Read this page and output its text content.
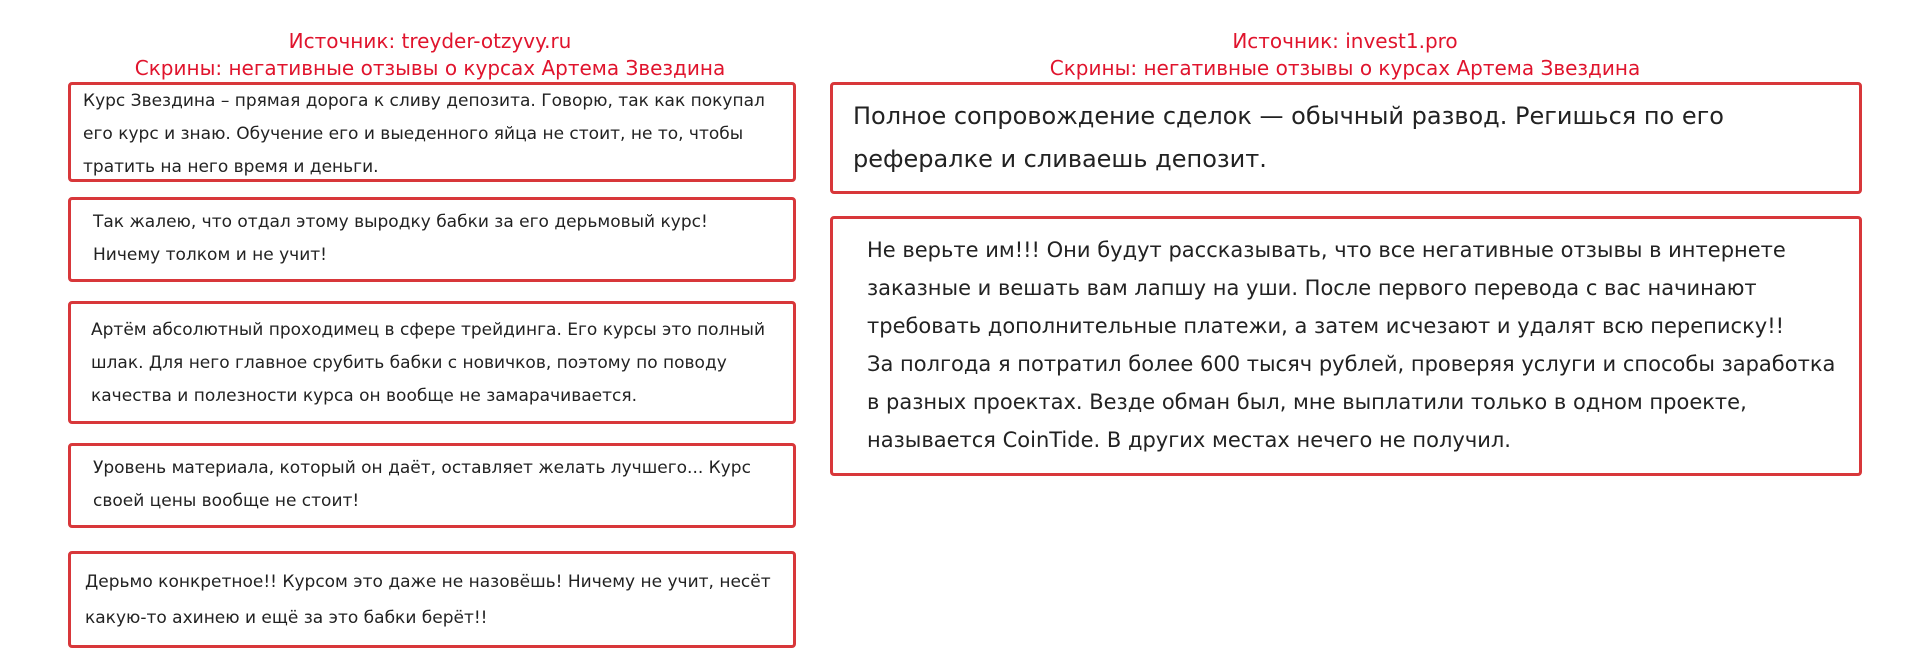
Источник: treyder-otzyvy.ru
Скрины: негативные отзывы о курсах Артема Звездина

Курс Звездина – прямая дорога к сливу депозита. Говорю, так как покупал его курс и знаю. Обучение его и выеденного яйца не стоит, не то, чтобы тратить на него время и деньги.

Так жалею, что отдал этому выродку бабки за его дерьмовый курс! Ничему толком и не учит!

Артём абсолютный проходимец в сфере трейдинга. Его курсы это полный шлак. Для него главное срубить бабки с новичков, поэтому по поводу качества и полезности курса он вообще не замарачивается.

Уровень материала, который он даёт, оставляет желать лучшего... Курс своей цены вообще не стоит!

Дерьмо конкретное!! Курсом это даже не назовёшь! Ничему не учит, несёт какую-то ахинею и ещё за это бабки берёт!!

Источник: invest1.pro
Скрины: негативные отзывы о курсах Артема Звездина

Полное сопровождение сделок — обычный развод. Регишься по его рефералке и сливаешь депозит.

Не верьте им!!! Они будут рассказывать, что все негативные отзывы в интернете заказные и вешать вам лапшу на уши. После первого перевода с вас начинают требовать дополнительные платежи, а затем исчезают и удалят всю переписку!!
За полгода я потратил более 600 тысяч рублей, проверяя услуги и способы заработка в разных проектах. Везде обман был, мне выплатили только в одном проекте, называется CoinTide. В других местах нечего не получил.
